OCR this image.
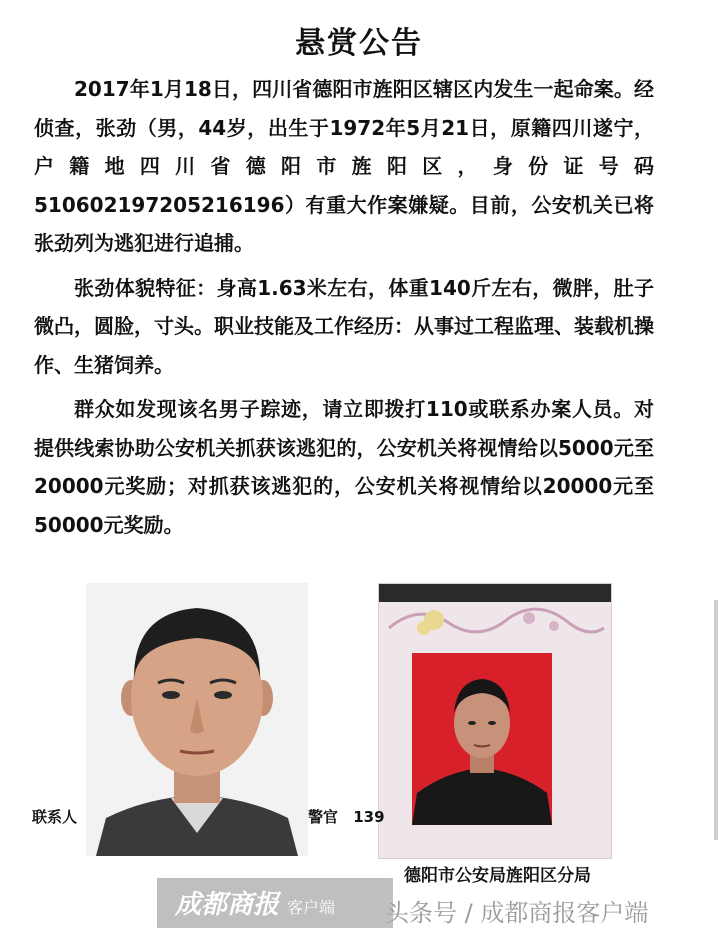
悬赏公告

2017年1月18日，四川省德阳市旌阳区辖区内发生一起命案。经侦查，张劲（男，44岁，出生于1972年5月21日，原籍四川遂宁，户籍地四川省德阳市旌阳区，身份证号码510602197205216196）有重大作案嫌疑。目前，公安机关已将张劲列为逃犯进行追捕。

张劲体貌特征：身高1.63米左右，体重140斤左右，微胖，肚子微凸，圆脸，寸头。职业技能及工作经历：从事过工程监理、装载机操作、生猪饲养。

群众如发现该名男子踪迹，请立即拨打110或联系办案人员。对提供线索协助公安机关抓获该逃犯的，公安机关将视情给以5000元至20000元奖励；对抓获该逃犯的，公安机关将视情给以20000元至50000元奖励。

联系人	警官 139
德阳市公安局旌阳区分局
成都商报 客户端 头条号 / 成都商报客户端
